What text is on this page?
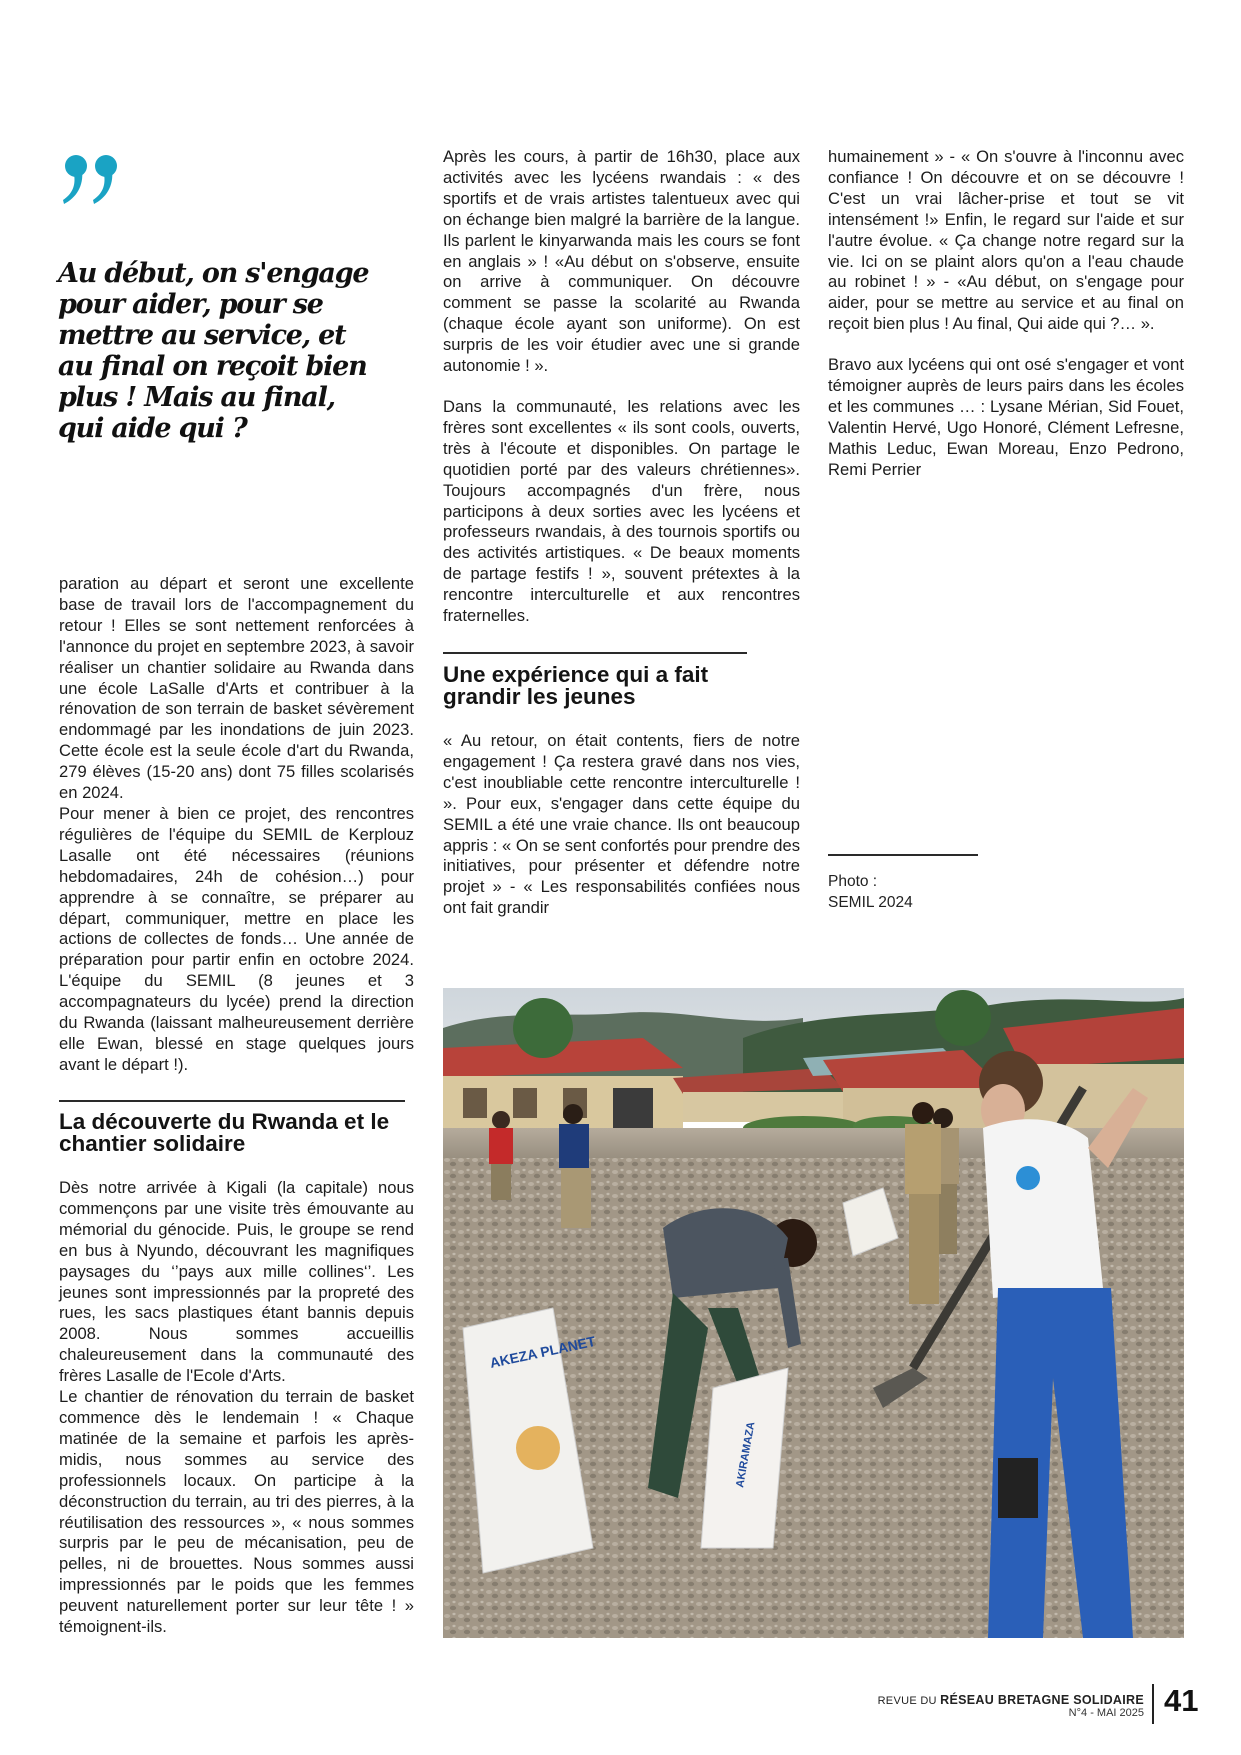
Au début, on s'engage pour aider, pour se mettre au service, et au final on reçoit bien plus ! Mais au final, qui aide qui ?

paration au départ et seront une excellente base de travail lors de l'accompagnement du retour ! Elles se sont nettement renforcées à l'annonce du projet en septembre 2023, à savoir réaliser un chantier solidaire au Rwanda dans une école LaSalle d'Arts et contribuer à la rénovation de son terrain de basket sévèrement endommagé par les inondations de juin 2023. Cette école est la seule école d'art du Rwanda, 279 élèves (15-20 ans) dont 75 filles scolarisés en 2024.

Pour mener à bien ce projet, des rencontres régulières de l'équipe du SEMIL de Kerplouz Lasalle ont été nécessaires (réunions hebdomadaires, 24h de cohésion…) pour apprendre à se connaître, se préparer au départ, communiquer, mettre en place les actions de collectes de fonds… Une année de préparation pour partir enfin en octobre 2024. L'équipe du SEMIL (8 jeunes et 3 accompagnateurs du lycée) prend la direction du Rwanda (laissant malheureusement derrière elle Ewan, blessé en stage quelques jours avant le départ !).

La découverte du Rwanda et le chantier solidaire

Dès notre arrivée à Kigali (la capitale) nous commençons par une visite très émouvante au mémorial du génocide. Puis, le groupe se rend en bus à Nyundo, découvrant les magnifiques paysages du ‘’pays aux mille collines‘’. Les jeunes sont impressionnés par la propreté des rues, les sacs plastiques étant bannis depuis 2008. Nous sommes accueillis chaleureusement dans la communauté des frères Lasalle de l'Ecole d'Arts.

Le chantier de rénovation du terrain de basket commence dès le lendemain ! « Chaque matinée de la semaine et parfois les après-midis, nous sommes au service des professionnels locaux. On participe à la déconstruction du terrain, au tri des pierres, à la réutilisation des ressources », « nous sommes surpris par le peu de mécanisation, peu de pelles, ni de brouettes. Nous sommes aussi impressionnés par le poids que les femmes peuvent naturellement porter sur leur tête ! » témoignent-ils.

Après les cours, à partir de 16h30, place aux activités avec les lycéens rwandais : « des sportifs et de vrais artistes talentueux avec qui on échange bien malgré la barrière de la langue. Ils parlent le kinyarwanda mais les cours se font en anglais » ! «Au début on s'observe, ensuite on arrive à communiquer. On découvre comment se passe la scolarité au Rwanda (chaque école ayant son uniforme). On est surpris de les voir étudier avec une si grande autonomie ! ».

Dans la communauté, les relations avec les frères sont excellentes « ils sont cools, ouverts, très à l'écoute et disponibles. On partage le quotidien porté par des valeurs chrétiennes». Toujours accompagnés d'un frère, nous participons à deux sorties avec les lycéens et professeurs rwandais, à des tournois sportifs ou des activités artistiques. « De beaux moments de partage festifs ! », souvent prétextes à la rencontre interculturelle et aux rencontres fraternelles.

Une expérience qui a fait grandir les jeunes

« Au retour, on était contents, fiers de notre engagement ! Ça restera gravé dans nos vies, c'est inoubliable cette rencontre interculturelle ! ». Pour eux, s'engager dans cette équipe du SEMIL a été une vraie chance. Ils ont beaucoup appris : « On se sent confortés pour prendre des initiatives, pour présenter et défendre notre projet » - « Les responsabilités confiées nous ont fait grandir

humainement » - « On s'ouvre à l'inconnu avec confiance ! On découvre et on se découvre ! C'est un vrai lâcher-prise et tout se vit intensément !» Enfin, le regard sur l'aide et sur l'autre évolue. « Ça change notre regard sur la vie. Ici on se plaint alors qu'on a l'eau chaude au robinet ! » - «Au début, on s'engage pour aider, pour se mettre au service et au final on reçoit bien plus ! Au final, Qui aide qui ?… ».

Bravo aux lycéens qui ont osé s'engager et vont témoigner auprès de leurs pairs dans les écoles et les communes … : Lysane Mérian, Sid Fouet, Valentin Hervé, Ugo Honoré, Clément Lefresne, Mathis Leduc, Ewan Moreau, Enzo Pedrono, Remi Perrier

Photo :
SEMIL 2024
AKEZA PLANET
AKIRAMAZA
REVUE DU RÉSEAU BRETAGNE SOLIDAIRE
N°4 - MAI 2025 41
